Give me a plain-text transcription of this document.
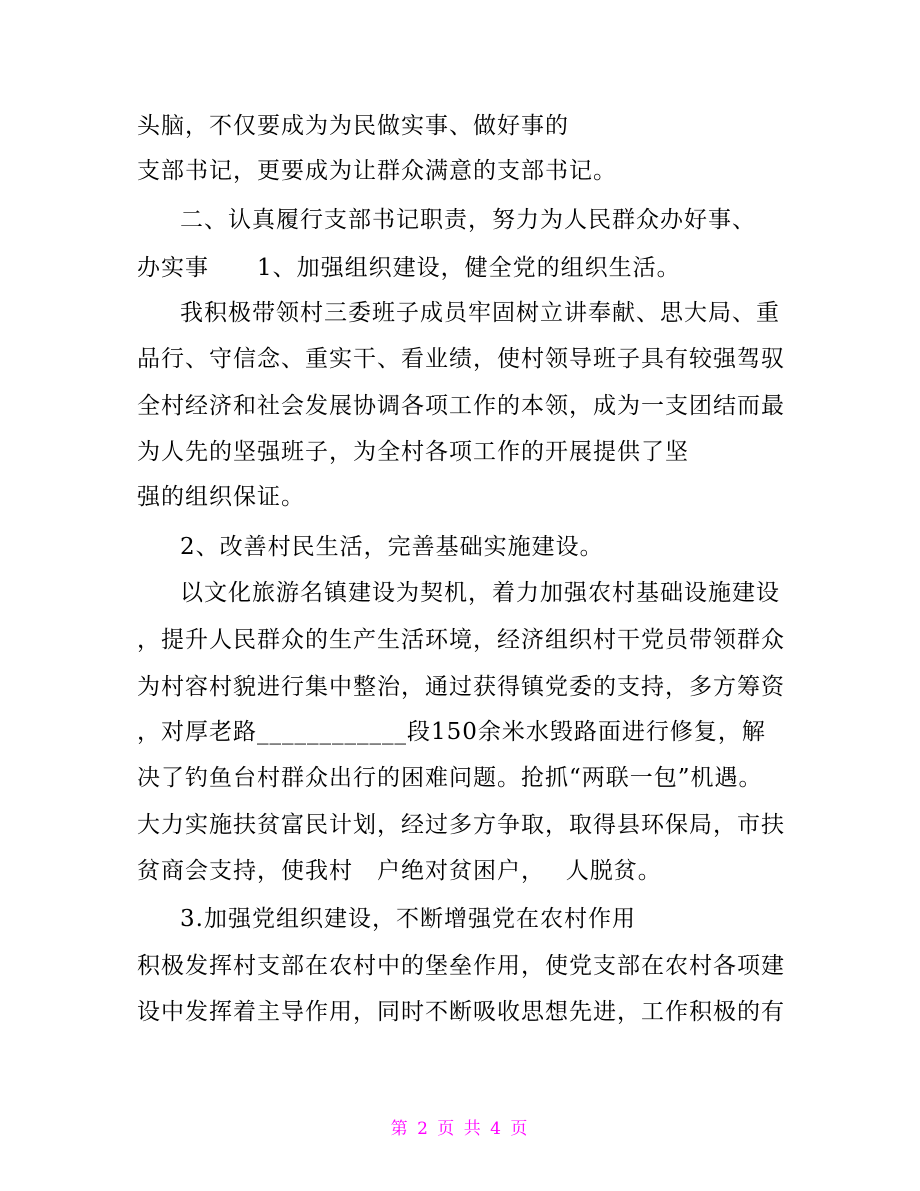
头脑，不仅要成为为民做实事、做好事的
支部书记，更要成为让群众满意的支部书记。
二、认真履行支部书记职责，努力为人民群众办好事、
办实事　　1、加强组织建设，健全党的组织生活。
我积极带领村三委班子成员牢固树立讲奉献、思大局、重
品行、守信念、重实干、看业绩，使村领导班子具有较强驾驭
全村经济和社会发展协调各项工作的本领，成为一支团结而最
为人先的坚强班子，为全村各项工作的开展提供了坚
强的组织保证。
2、改善村民生活，完善基础实施建设。
以文化旅游名镇建设为契机，着力加强农村基础设施建设
，提升人民群众的生产生活环境，经济组织村干党员带领群众
为村容村貌进行集中整治，通过获得镇党委的支持，多方筹资
，对厚老路____________段150余米水毁路面进行修复，解
决了钓鱼台村群众出行的困难问题。抢抓“两联一包”机遇。
大力实施扶贫富民计划，经过多方争取，取得县环保局，市扶
贫商会支持，使我村　户绝对贫困户，　 人脱贫。
3.加强党组织建设，不断增强党在农村作用
积极发挥村支部在农村中的堡垒作用，使党支部在农村各项建
设中发挥着主导作用，同时不断吸收思想先进，工作积极的有
第 2 页 共 4 页
